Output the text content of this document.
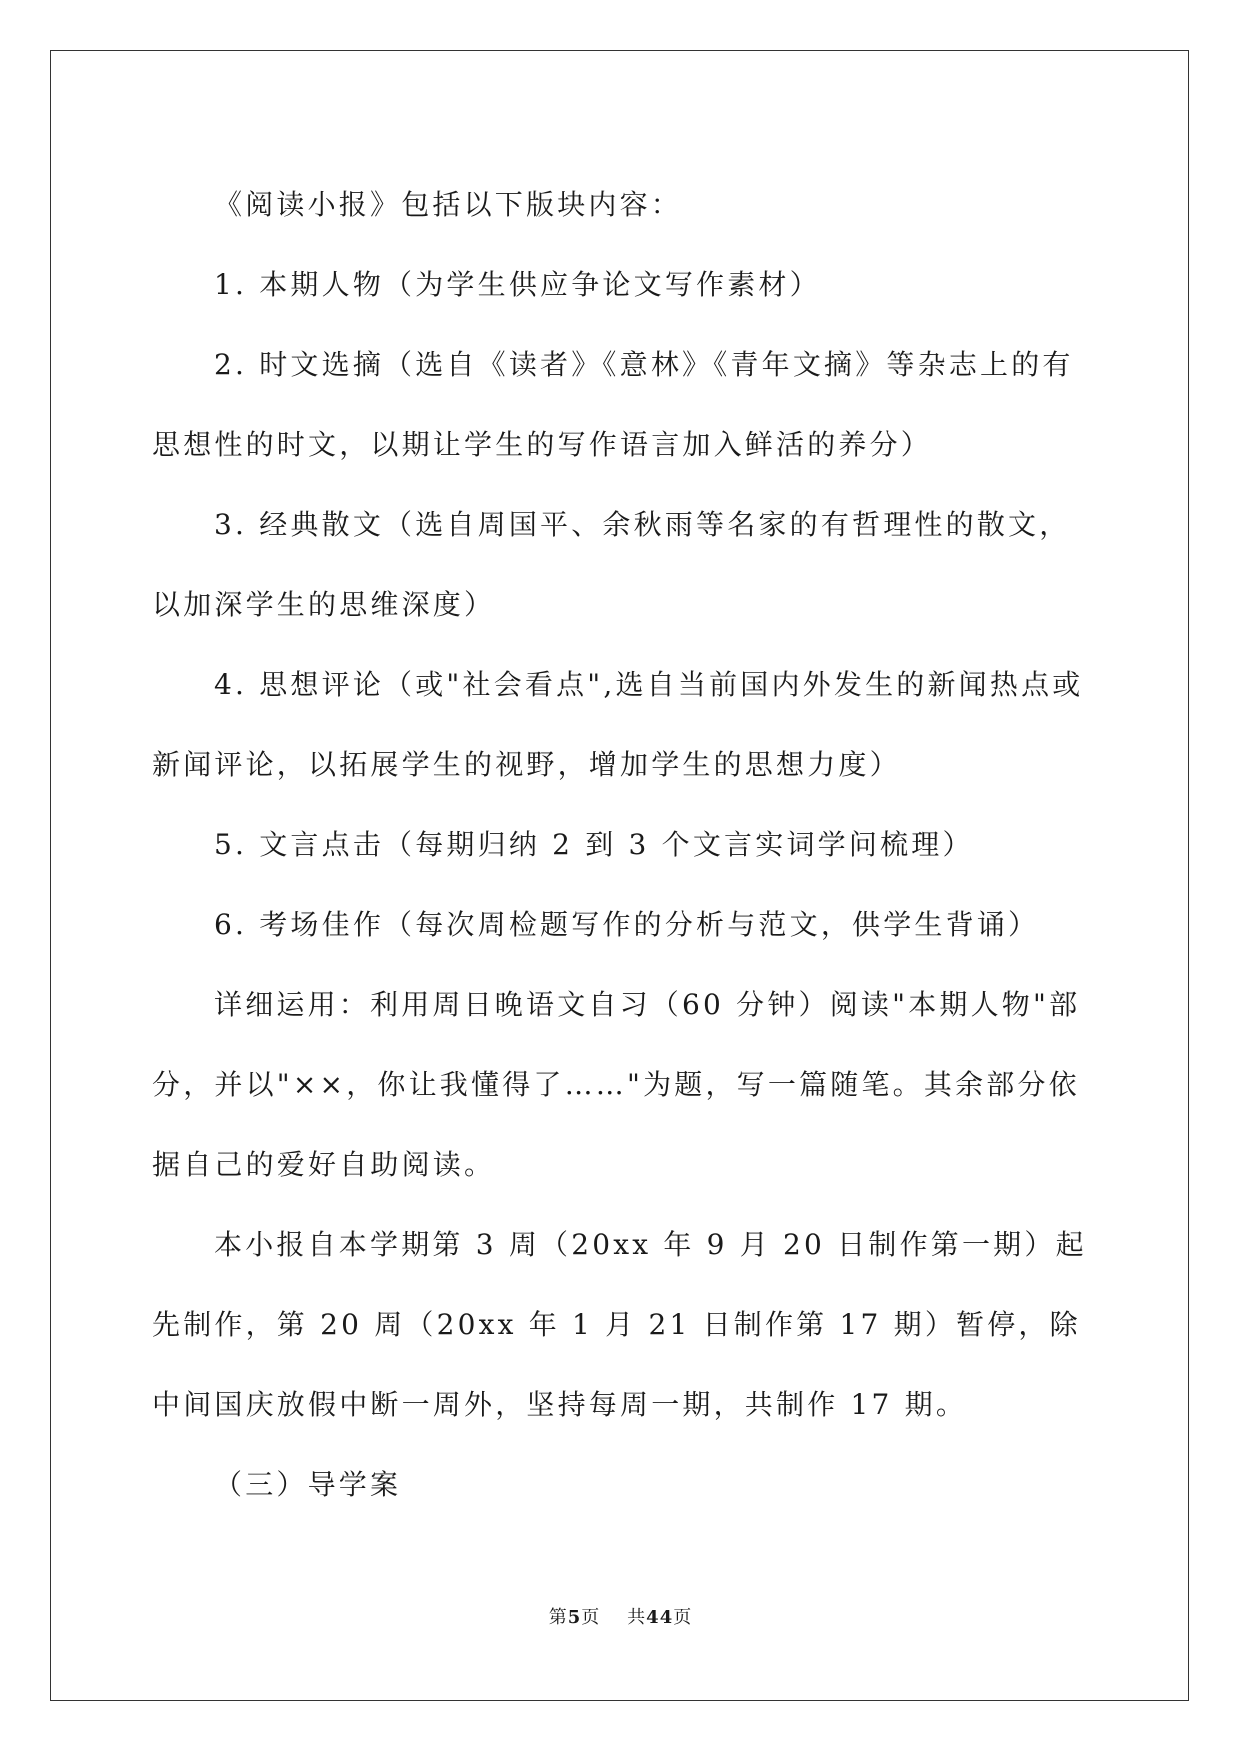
《阅读小报》包括以下版块内容：

1. 本期人物（为学生供应争论文写作素材）

2. 时文选摘（选自《读者》《意林》《青年文摘》等杂志上的有思想性的时文，以期让学生的写作语言加入鲜活的养分）

3. 经典散文（选自周国平、余秋雨等名家的有哲理性的散文，以加深学生的思维深度）

4. 思想评论（或"社会看点",选自当前国内外发生的新闻热点或新闻评论，以拓展学生的视野，增加学生的思想力度）

5. 文言点击（每期归纳 2 到 3 个文言实词学问梳理）

6. 考场佳作（每次周检题写作的分析与范文，供学生背诵）

详细运用：利用周日晚语文自习（60 分钟）阅读"本期人物"部分，并以"××，你让我懂得了……"为题，写一篇随笔。其余部分依据自己的爱好自助阅读。

本小报自本学期第 3 周（20xx 年 9 月 20 日制作第一期）起先制作，第 20 周（20xx 年 1 月 21 日制作第 17 期）暂停，除中间国庆放假中断一周外，坚持每周一期，共制作 17 期。

（三）导学案

第5页 共44页
